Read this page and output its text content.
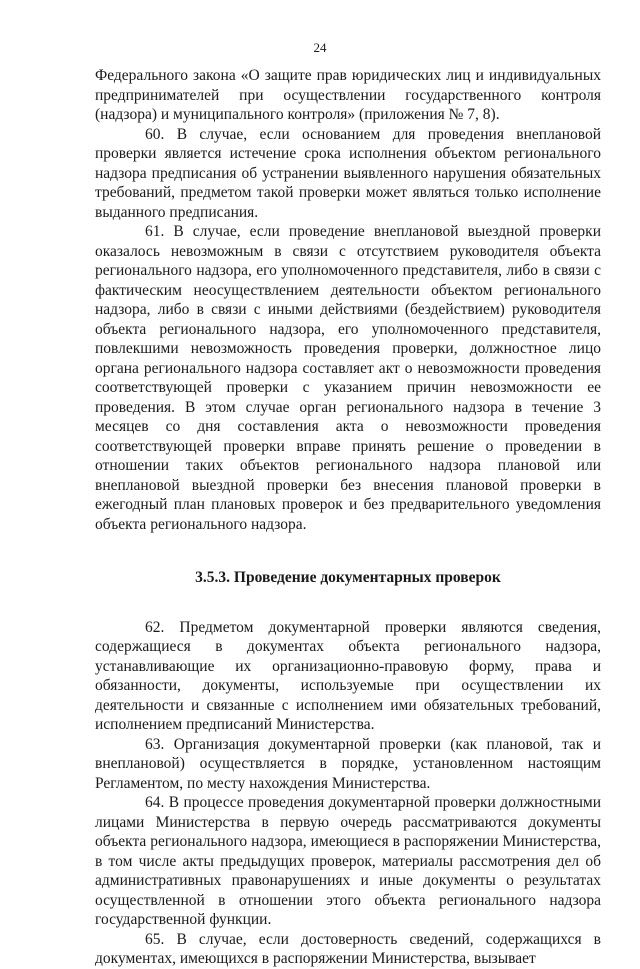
24

Федерального закона «О защите прав юридических лиц и индивидуальных предпринимателей при осуществлении государственного контроля (надзора) и муниципального контроля» (приложения № 7, 8).

60. В случае, если основанием для проведения внеплановой проверки является истечение срока исполнения объектом регионального надзора предписания об устранении выявленного нарушения обязательных требований, предметом такой проверки может являться только исполнение выданного предписания.

61. В случае, если проведение внеплановой выездной проверки оказалось невозможным в связи с отсутствием руководителя объекта регионального надзора, его уполномоченного представителя, либо в связи с фактическим неосуществлением деятельности объектом регионального надзора, либо в связи с иными действиями (бездействием) руководителя объекта регионального надзора, его уполномоченного представителя, повлекшими невозможность проведения проверки, должностное лицо органа регионального надзора составляет акт о невозможности проведения соответствующей проверки с указанием причин невозможности ее проведения. В этом случае орган регионального надзора в течение 3 месяцев со дня составления акта о невозможности проведения соответствующей проверки вправе принять решение о проведении в отношении таких объектов регионального надзора плановой или внеплановой выездной проверки без внесения плановой проверки в ежегодный план плановых проверок и без предварительного уведомления объекта регионального надзора.

3.5.3. Проведение документарных проверок

62. Предметом документарной проверки являются сведения, содержащиеся в документах объекта регионального надзора, устанавливающие их организационно-правовую форму, права и обязанности, документы, используемые при осуществлении их деятельности и связанные с исполнением ими обязательных требований, исполнением предписаний Министерства.

63. Организация документарной проверки (как плановой, так и внеплановой) осуществляется в порядке, установленном настоящим Регламентом, по месту нахождения Министерства.

64. В процессе проведения документарной проверки должностными лицами Министерства в первую очередь рассматриваются документы объекта регионального надзора, имеющиеся в распоряжении Министерства, в том числе акты предыдущих проверок, материалы рассмотрения дел об административных правонарушениях и иные документы о результатах осуществленной в отношении этого объекта регионального надзора государственной функции.

65. В случае, если достоверность сведений, содержащихся в документах, имеющихся в распоряжении Министерства, вызывает
